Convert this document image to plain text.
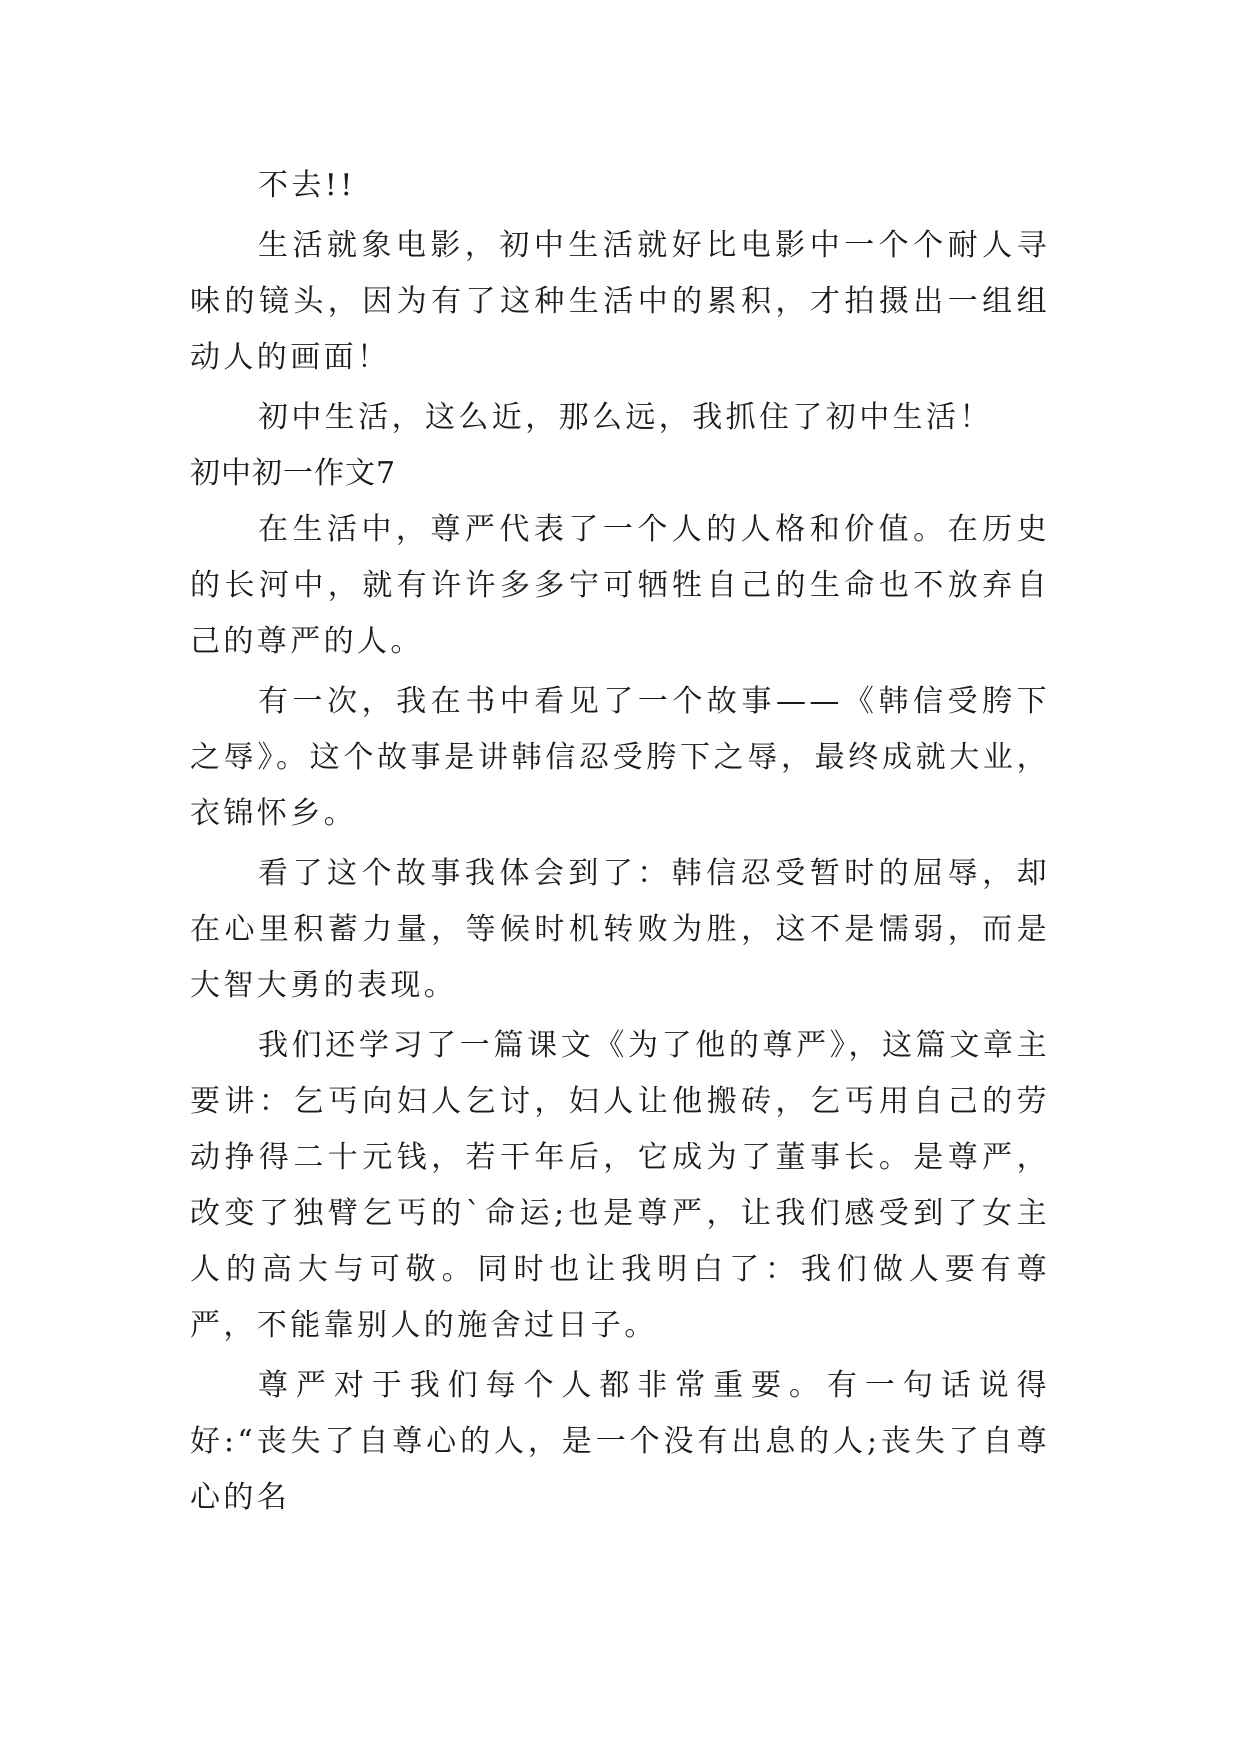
不去!!

生活就象电影，初中生活就好比电影中一个个耐人寻味的镜头，因为有了这种生活中的累积，才拍摄出一组组动人的画面！

初中生活，这么近，那么远，我抓住了初中生活！

初中初一作文7

在生活中，尊严代表了一个人的人格和价值。在历史的长河中，就有许许多多宁可牺牲自己的生命也不放弃自己的尊严的人。

有一次，我在书中看见了一个故事——《韩信受胯下之辱》。这个故事是讲韩信忍受胯下之辱，最终成就大业，衣锦怀乡。

看了这个故事我体会到了：韩信忍受暂时的屈辱，却在心里积蓄力量，等候时机转败为胜，这不是懦弱，而是大智大勇的表现。

我们还学习了一篇课文《为了他的尊严》，这篇文章主要讲：乞丐向妇人乞讨，妇人让他搬砖，乞丐用自己的劳动挣得二十元钱，若干年后，它成为了董事长。是尊严，改变了独臂乞丐的`命运;也是尊严，让我们感受到了女主人的高大与可敬。同时也让我明白了：我们做人要有尊严，不能靠别人的施舍过日子。

尊严对于我们每个人都非常重要。有一句话说得好:“丧失了自尊心的人，是一个没有出息的人;丧失了自尊心的名
